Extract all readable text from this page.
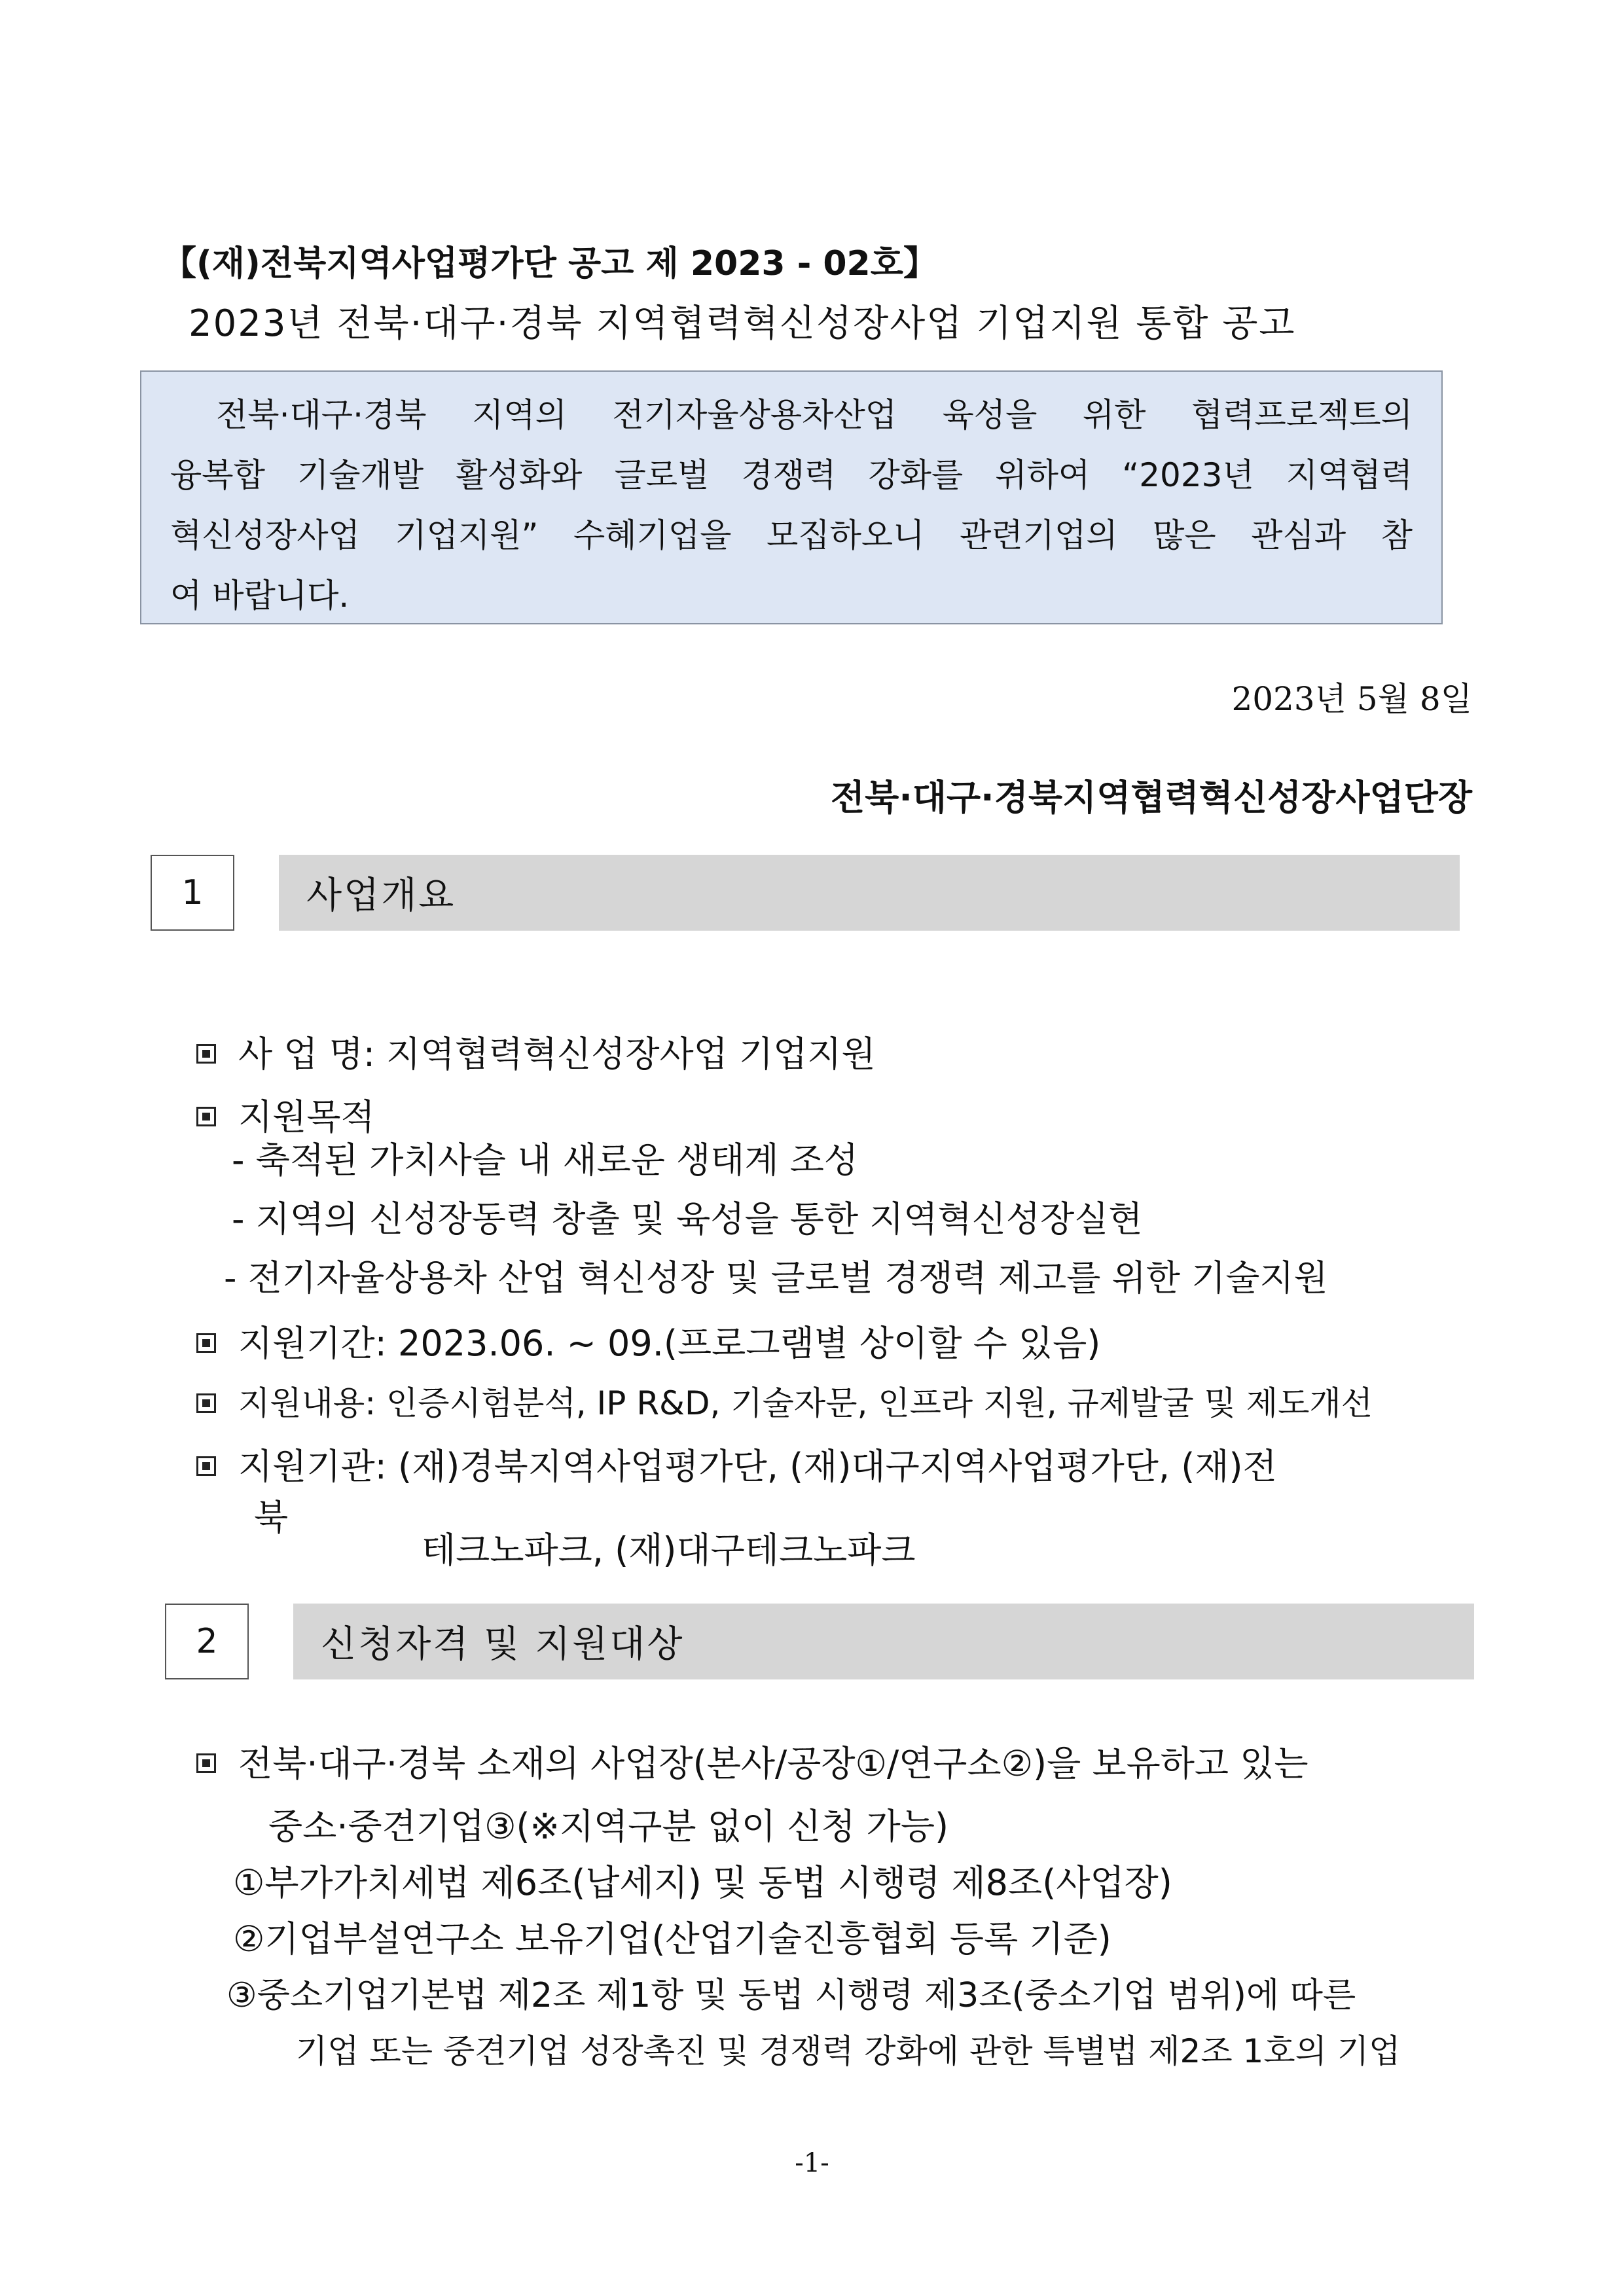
【(재)전북지역사업평가단 공고 제 2023 - 02호】
2023년 전북·대구·경북 지역협력혁신성장사업 기업지원 통합 공고
전북·대구·경북 지역의 전기자율상용차산업 육성을 위한 협력프로젝트의
융복합 기술개발 활성화와 글로벌 경쟁력 강화를 위하여 “2023년 지역협력
혁신성장사업 기업지원” 수혜기업을 모집하오니 관련기업의 많은 관심과 참
여 바랍니다.
2023년 5월 8일
전북·대구·경북지역협력혁신성장사업단장
1	사업개요
사 업 명: 지역협력혁신성장사업 기업지원
지원목적
- 축적된 가치사슬 내 새로운 생태계 조성
- 지역의 신성장동력 창출 및 육성을 통한 지역혁신성장실현
- 전기자율상용차 산업 혁신성장 및 글로벌 경쟁력 제고를 위한 기술지원
지원기간: 2023.06. ~ 09.(프로그램별 상이할 수 있음)
지원내용: 인증시험분석, IP R&D, 기술자문, 인프라 지원, 규제발굴 및 제도개선
지원기관: (재)경북지역사업평가단, (재)대구지역사업평가단, (재)전
북
테크노파크, (재)대구테크노파크
2	신청자격 및 지원대상
전북·대구·경북 소재의 사업장(본사/공장①/연구소②)을 보유하고 있는
중소·중견기업③(※지역구분 없이 신청 가능)
①부가가치세법 제6조(납세지) 및 동법 시행령 제8조(사업장)
②기업부설연구소 보유기업(산업기술진흥협회 등록 기준)
③중소기업기본법 제2조 제1항 및 동법 시행령 제3조(중소기업 범위)에 따른
기업 또는 중견기업 성장촉진 및 경쟁력 강화에 관한 특별법 제2조 1호의 기업
-1-
